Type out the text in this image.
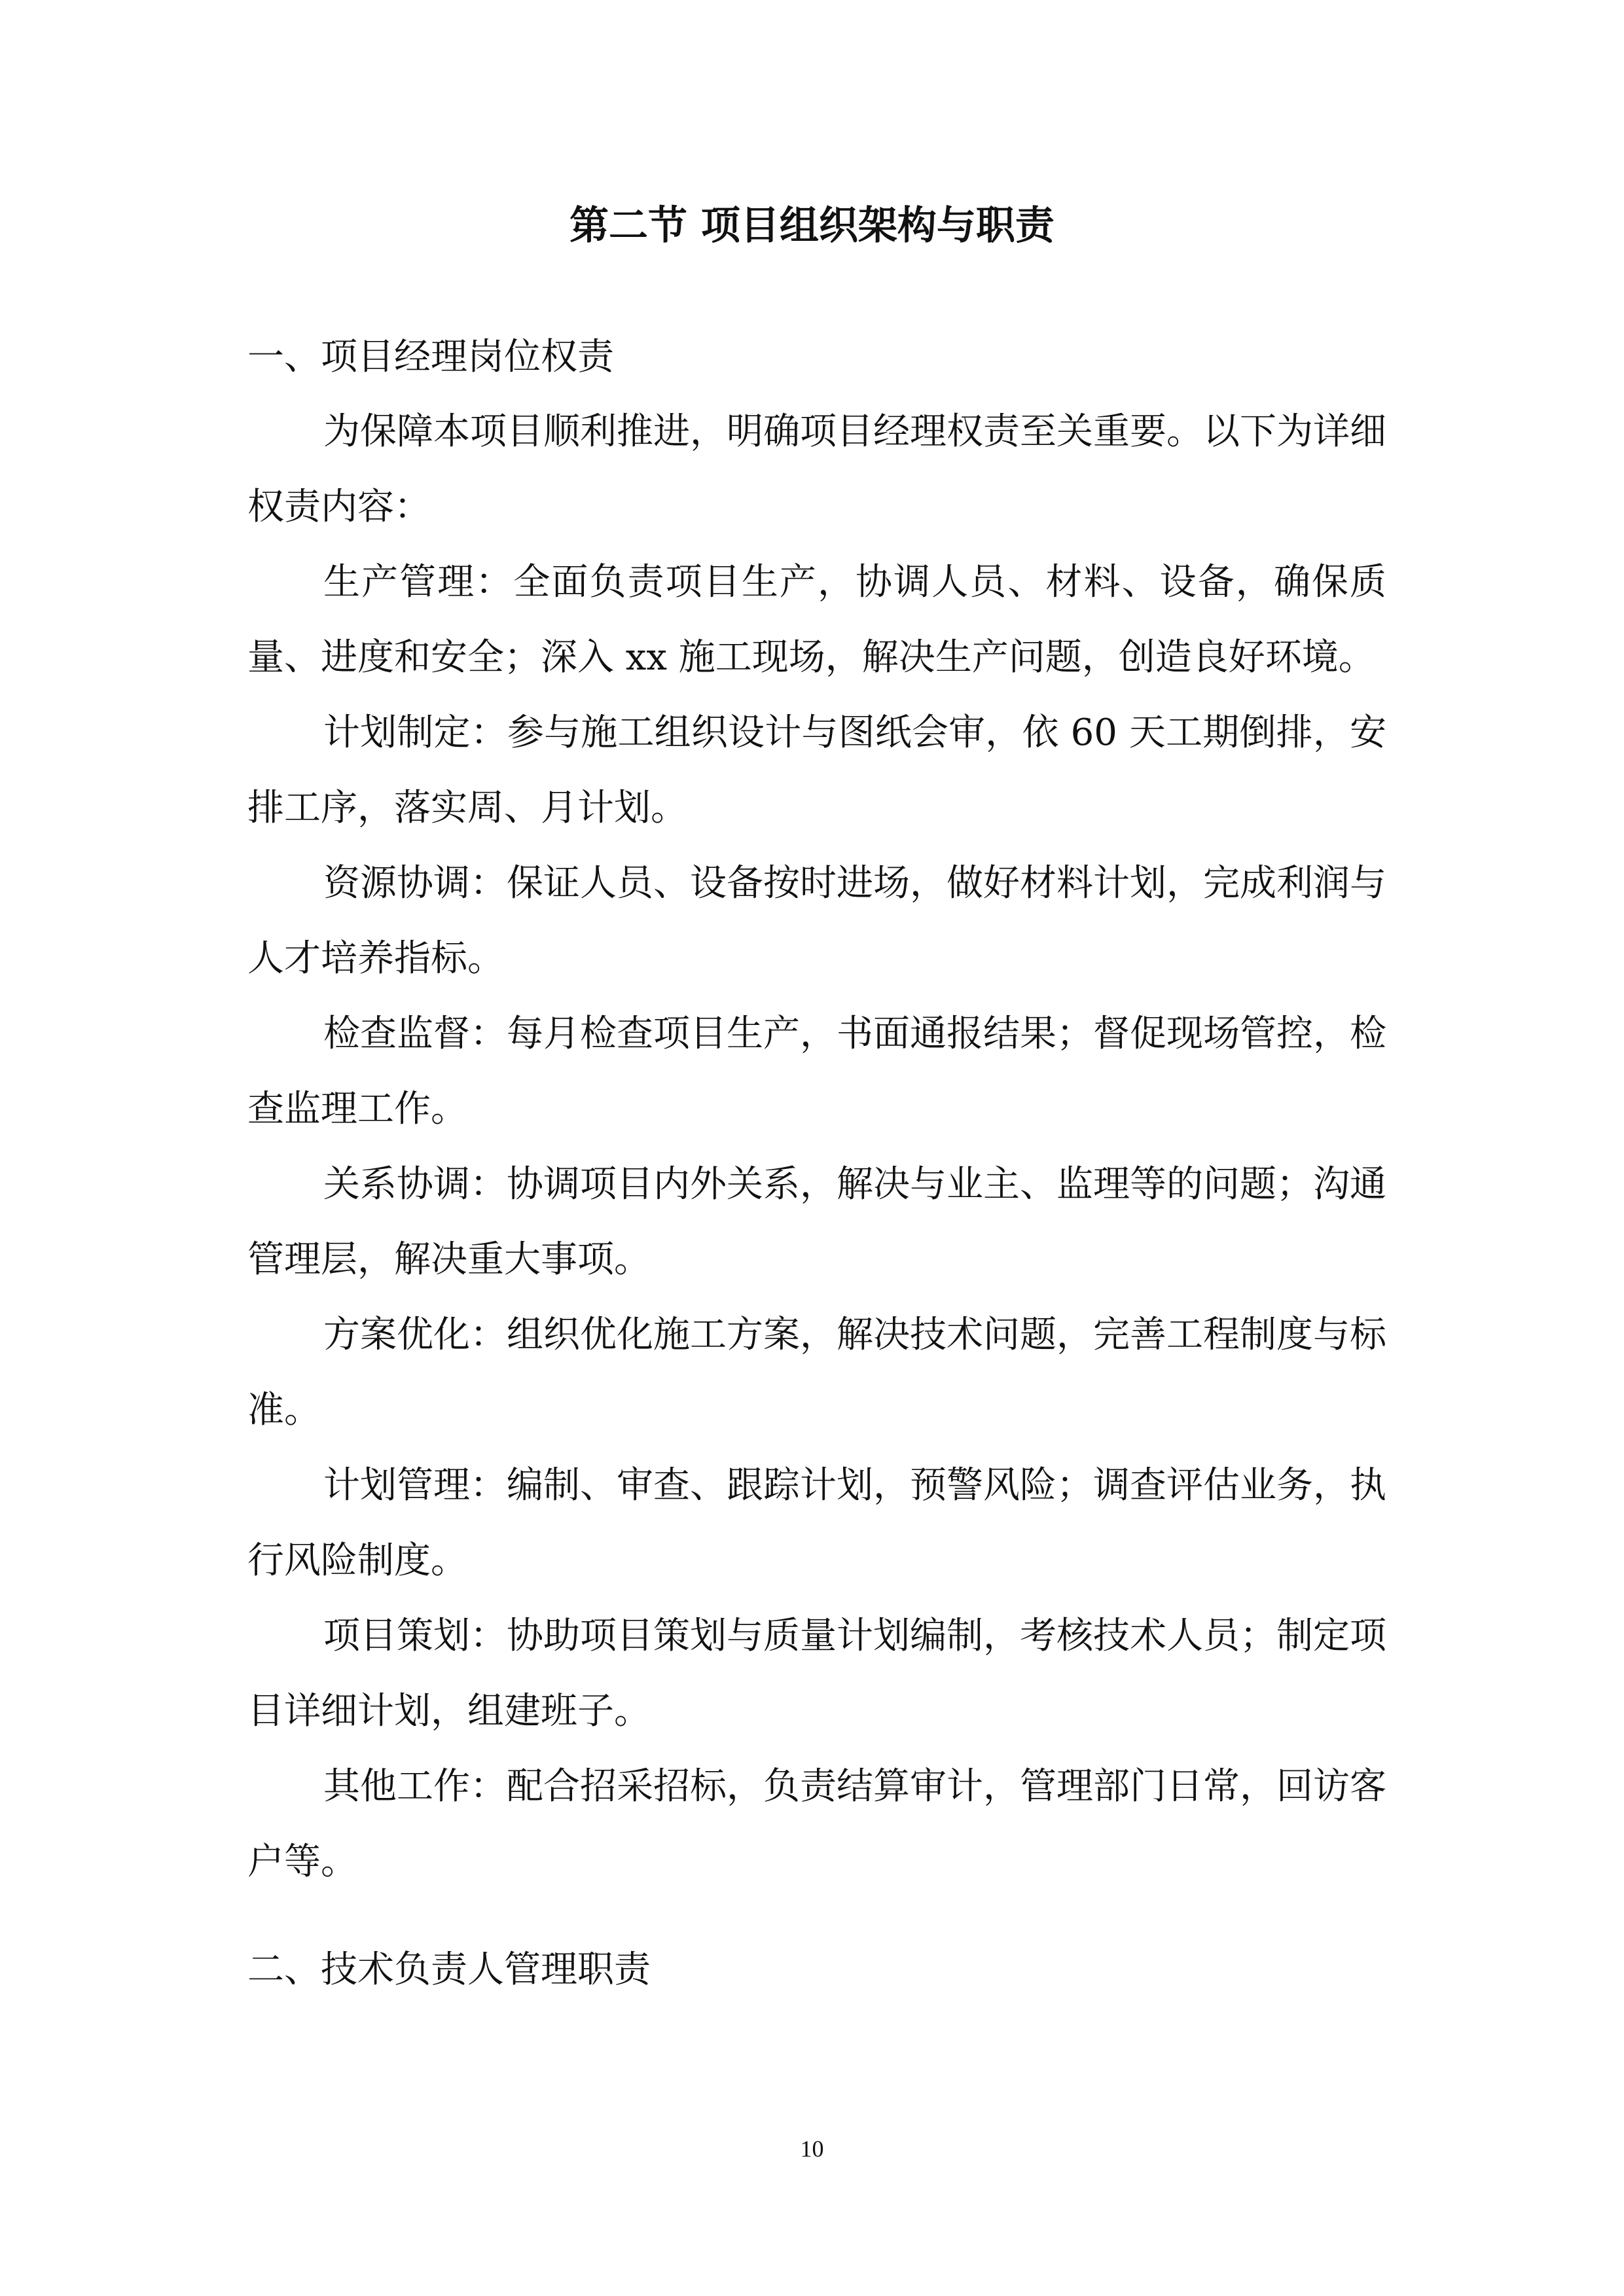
第二节 项目组织架构与职责
一、项目经理岗位权责

为保障本项目顺利推进，明确项目经理权责至关重要。以下为详细权责内容：

生产管理：全面负责项目生产，协调人员、材料、设备，确保质量、进度和安全；深入 xx 施工现场，解决生产问题，创造良好环境。

计划制定：参与施工组织设计与图纸会审，依 60 天工期倒排，安排工序，落实周、月计划。

资源协调：保证人员、设备按时进场，做好材料计划，完成利润与人才培养指标。

检查监督：每月检查项目生产，书面通报结果；督促现场管控，检查监理工作。

关系协调：协调项目内外关系，解决与业主、监理等的问题；沟通管理层，解决重大事项。

方案优化：组织优化施工方案，解决技术问题，完善工程制度与标准。

计划管理：编制、审查、跟踪计划，预警风险；调查评估业务，执行风险制度。

项目策划：协助项目策划与质量计划编制，考核技术人员；制定项目详细计划，组建班子。

其他工作：配合招采招标，负责结算审计，管理部门日常，回访客户等。

二、技术负责人管理职责
10
